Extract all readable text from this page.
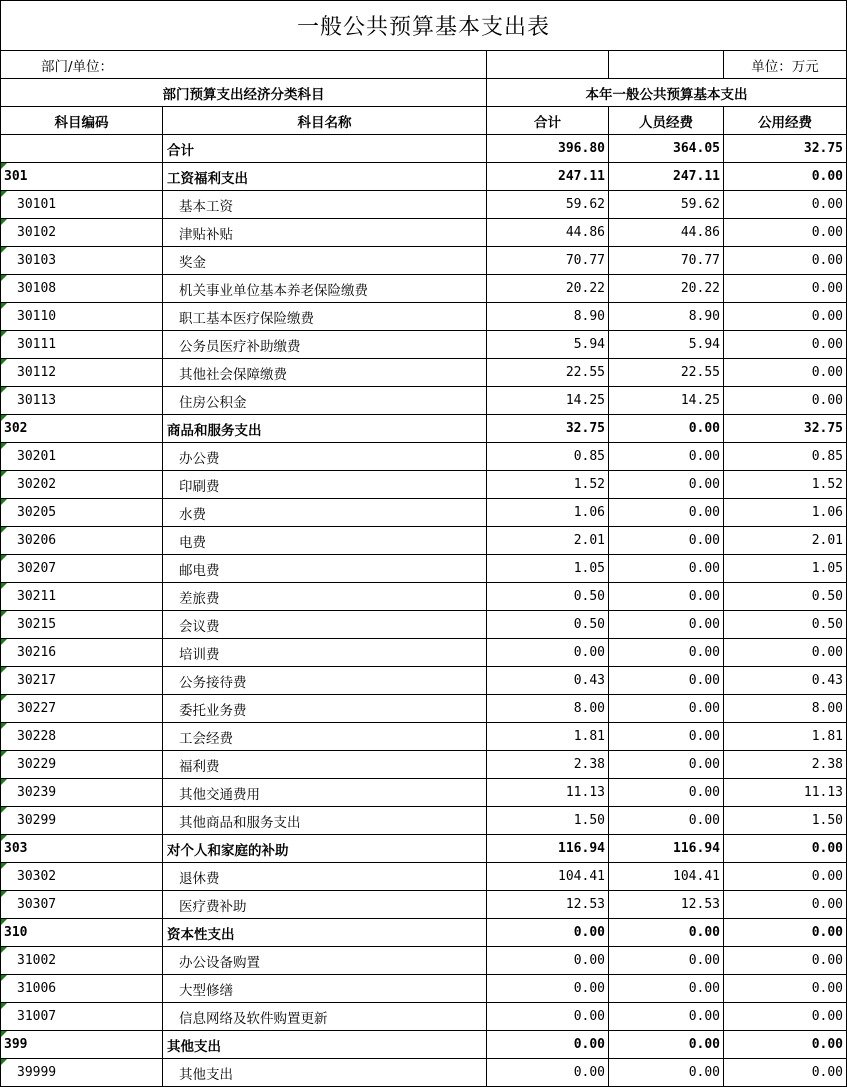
一般公共预算基本支出表				
部门/单位：				单位：万元
部门预算支出经济分类科目		本年一般公共预算基本支出		
科目编码	科目名称	合计	人员经费	公用经费
	合计	396.80	364.05	32.75
301	工资福利支出	247.11	247.11	0.00
30101	基本工资	59.62	59.62	0.00
30102	津贴补贴	44.86	44.86	0.00
30103	奖金	70.77	70.77	0.00
30108	机关事业单位基本养老保险缴费	20.22	20.22	0.00
30110	职工基本医疗保险缴费	8.90	8.90	0.00
30111	公务员医疗补助缴费	5.94	5.94	0.00
30112	其他社会保障缴费	22.55	22.55	0.00
30113	住房公积金	14.25	14.25	0.00
302	商品和服务支出	32.75	0.00	32.75
30201	办公费	0.85	0.00	0.85
30202	印刷费	1.52	0.00	1.52
30205	水费	1.06	0.00	1.06
30206	电费	2.01	0.00	2.01
30207	邮电费	1.05	0.00	1.05
30211	差旅费	0.50	0.00	0.50
30215	会议费	0.50	0.00	0.50
30216	培训费	0.00	0.00	0.00
30217	公务接待费	0.43	0.00	0.43
30227	委托业务费	8.00	0.00	8.00
30228	工会经费	1.81	0.00	1.81
30229	福利费	2.38	0.00	2.38
30239	其他交通费用	11.13	0.00	11.13
30299	其他商品和服务支出	1.50	0.00	1.50
303	对个人和家庭的补助	116.94	116.94	0.00
30302	退休费	104.41	104.41	0.00
30307	医疗费补助	12.53	12.53	0.00
310	资本性支出	0.00	0.00	0.00
31002	办公设备购置	0.00	0.00	0.00
31006	大型修缮	0.00	0.00	0.00
31007	信息网络及软件购置更新	0.00	0.00	0.00
399	其他支出	0.00	0.00	0.00
39999	其他支出	0.00	0.00	0.00
